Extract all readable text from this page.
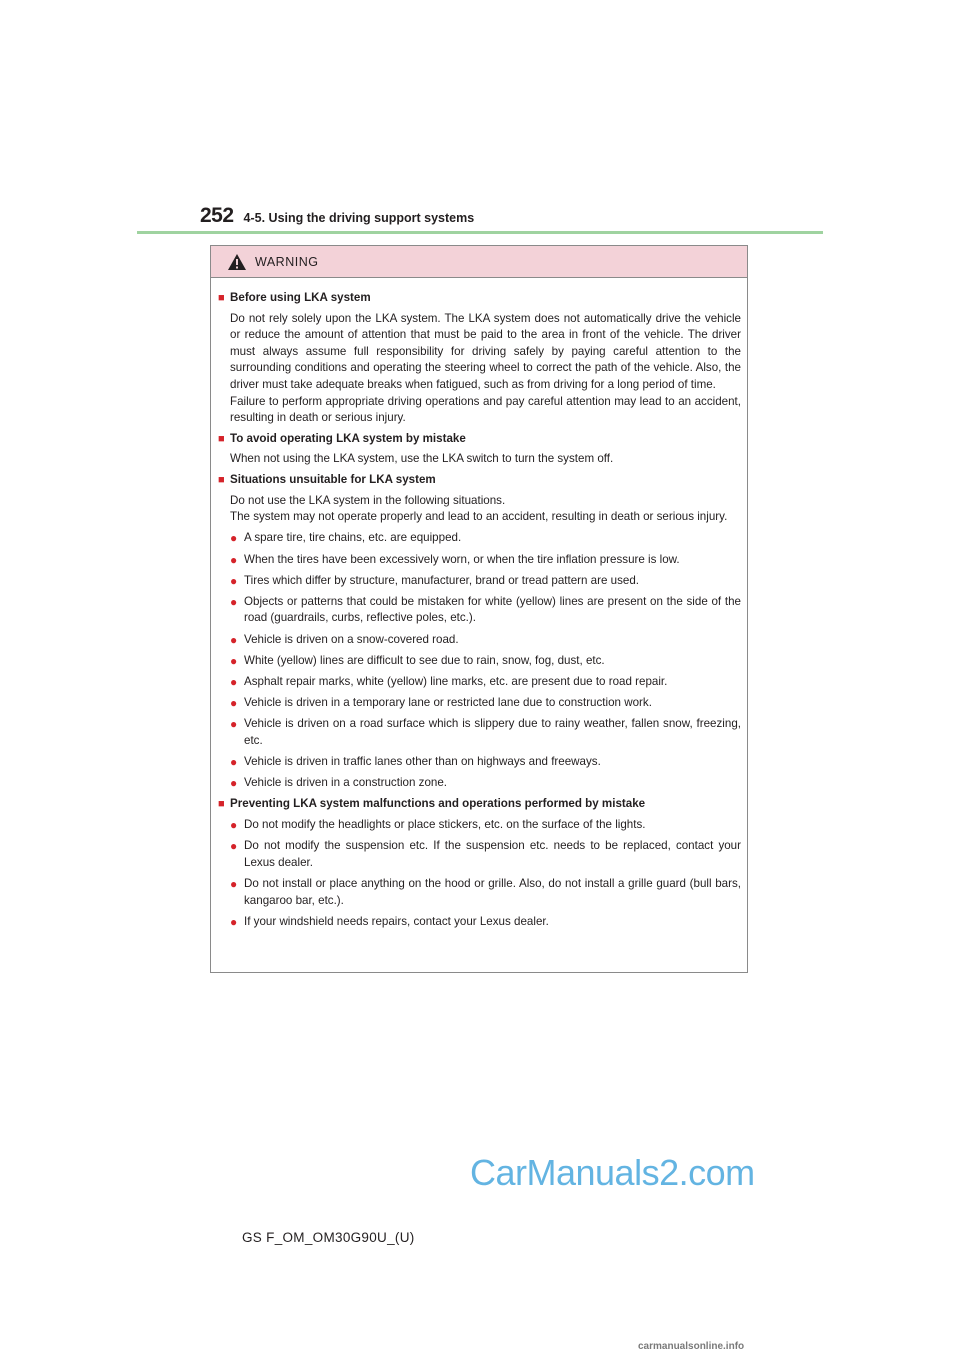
252 4-5. Using the driving support systems
WARNING
■ Before using LKA system
Do not rely solely upon the LKA system. The LKA system does not automatically drive the vehicle or reduce the amount of attention that must be paid to the area in front of the vehicle. The driver must always assume full responsibility for driving safely by paying careful attention to the surrounding conditions and operating the steering wheel to correct the path of the vehicle. Also, the driver must take adequate breaks when fatigued, such as from driving for a long period of time.
Failure to perform appropriate driving operations and pay careful attention may lead to an accident, resulting in death or serious injury.
■ To avoid operating LKA system by mistake
When not using the LKA system, use the LKA switch to turn the system off.
■ Situations unsuitable for LKA system
Do not use the LKA system in the following situations.
The system may not operate properly and lead to an accident, resulting in death or serious injury.
● A spare tire, tire chains, etc. are equipped.
● When the tires have been excessively worn, or when the tire inflation pressure is low.
● Tires which differ by structure, manufacturer, brand or tread pattern are used.
● Objects or patterns that could be mistaken for white (yellow) lines are present on the side of the road (guardrails, curbs, reflective poles, etc.).
● Vehicle is driven on a snow-covered road.
● White (yellow) lines are difficult to see due to rain, snow, fog, dust, etc.
● Asphalt repair marks, white (yellow) line marks, etc. are present due to road repair.
● Vehicle is driven in a temporary lane or restricted lane due to construction work.
● Vehicle is driven on a road surface which is slippery due to rainy weather, fallen snow, freezing, etc.
● Vehicle is driven in traffic lanes other than on highways and freeways.
● Vehicle is driven in a construction zone.
■ Preventing LKA system malfunctions and operations performed by mistake
● Do not modify the headlights or place stickers, etc. on the surface of the lights.
● Do not modify the suspension etc. If the suspension etc. needs to be replaced, contact your Lexus dealer.
● Do not install or place anything on the hood or grille. Also, do not install a grille guard (bull bars, kangaroo bar, etc.).
● If your windshield needs repairs, contact your Lexus dealer.
GS F_OM_OM30G90U_(U)
CarManuals2.com
carmanualsonline.info
